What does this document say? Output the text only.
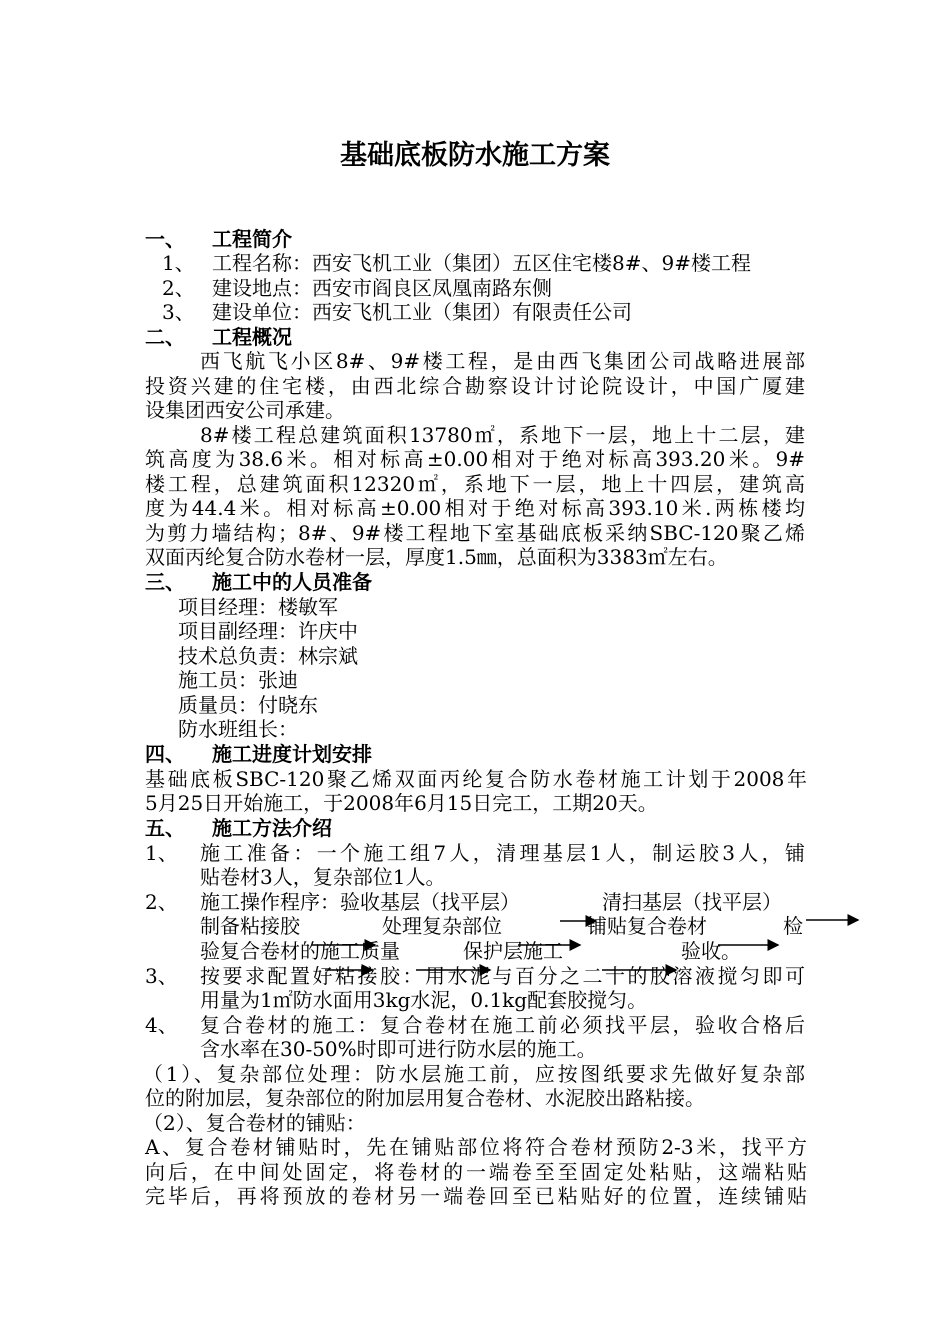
基础底板防水施工方案
一、 工程简介
1、 工程名称：西安飞机工业（集团）五区住宅楼8#、9#楼工程
2、 建设地点：西安市阎良区凤凰南路东侧
3、 建设单位：西安飞机工业（集团）有限责任公司
二、 工程概况
西飞航飞小区8#、9#楼工程，是由西飞集团公司战略进展部
投资兴建的住宅楼，由西北综合勘察设计讨论院设计，中国广厦建
设集团西安公司承建。
8#楼工程总建筑面积13780㎡，系地下一层，地上十二层，建
筑高度为38.6米。相对标高±0.00相对于绝对标高393.20米。9#
楼工程，总建筑面积12320㎡，系地下一层，地上十四层，建筑高
度为44.4米。相对标高±0.00相对于绝对标高393.10米.两栋楼均
为剪力墙结构；8#、9#楼工程地下室基础底板采纳SBC-120聚乙烯
双面丙纶复合防水卷材一层，厚度1.5㎜，总面积为3383㎡左右。
三、 施工中的人员准备
项目经理：楼敏军
项目副经理：许庆中
技术总负责：林宗斌
施工员：张迪
质量员：付晓东
防水班组长：
四、 施工进度计划安排
基础底板SBC-120聚乙烯双面丙纶复合防水卷材施工计划于2008年
5月25日开始施工，于2008年6月15日完工，工期20天。
五、 施工方法介绍
1、 施工准备：一个施工组7人，清理基层1人，制运胶3人，铺
贴卷材3人，复杂部位1人。
2、 施工操作程序：验收基层（找平层）	清扫基层（找平层）
制备粘接胶	处理复杂部位	铺贴复合卷材	检
验复合卷材的施工质量	保护层施工	验收。
3、 按要求配置好粘接胶：用水泥与百分之二十的胶溶液搅匀即可
用量为1㎡防水面用3kg水泥，0.1kg配套胶搅匀。
4、 复合卷材的施工：复合卷材在施工前必须找平层，验收合格后
含水率在30-50%时即可进行防水层的施工。
（1）、复杂部位处理：防水层施工前，应按图纸要求先做好复杂部
位的附加层，复杂部位的附加层用复合卷材、水泥胶出路粘接。
（2）、复合卷材的铺贴：
A、复合卷材铺贴时，先在铺贴部位将符合卷材预防2-3米，找平方
向后，在中间处固定，将卷材的一端卷至至固定处粘贴，这端粘贴
完毕后，再将预放的卷材另一端卷回至已粘贴好的位置，连续铺贴
